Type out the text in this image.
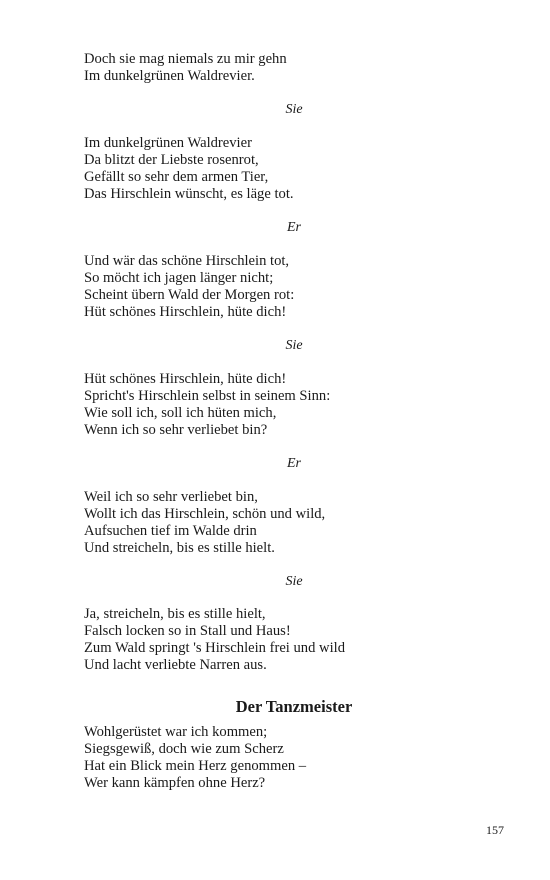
Doch sie mag niemals zu mir gehn
Im dunkelgrünen Waldrevier.
Sie
Im dunkelgrünen Waldrevier
Da blitzt der Liebste rosenrot,
Gefällt so sehr dem armen Tier,
Das Hirschlein wünscht, es läge tot.
Er
Und wär das schöne Hirschlein tot,
So möcht ich jagen länger nicht;
Scheint übern Wald der Morgen rot:
Hüt schönes Hirschlein, hüte dich!
Sie
Hüt schönes Hirschlein, hüte dich!
Spricht's Hirschlein selbst in seinem Sinn:
Wie soll ich, soll ich hüten mich,
Wenn ich so sehr verliebet bin?
Er
Weil ich so sehr verliebet bin,
Wollt ich das Hirschlein, schön und wild,
Aufsuchen tief im Walde drin
Und streicheln, bis es stille hielt.
Sie
Ja, streicheln, bis es stille hielt,
Falsch locken so in Stall und Haus!
Zum Wald springt 's Hirschlein frei und wild
Und lacht verliebte Narren aus.
Der Tanzmeister
Wohlgerüstet war ich kommen;
Siegsgewiß, doch wie zum Scherz
Hat ein Blick mein Herz genommen –
Wer kann kämpfen ohne Herz?
157
